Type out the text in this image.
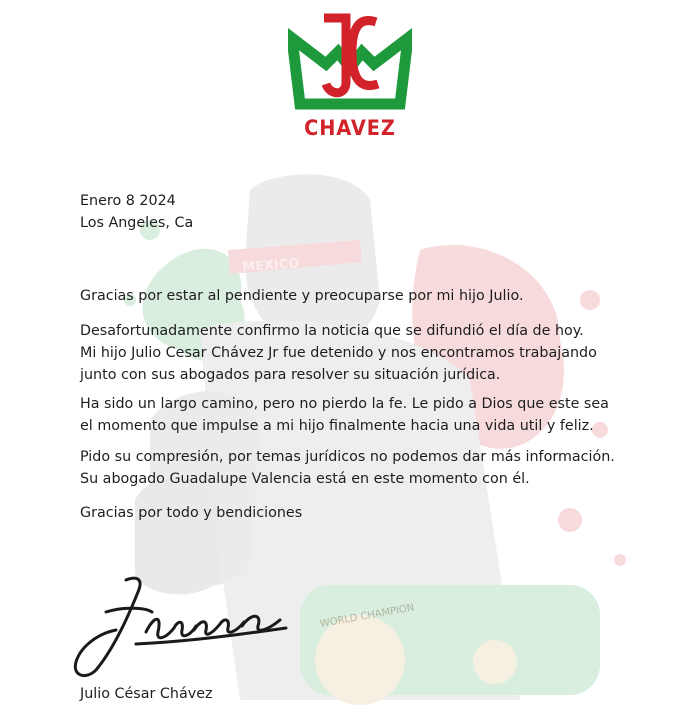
MEXICO
WORLD CHAMPION
CHAVEZ
Enero 8 2024
Los Angeles, Ca
Gracias por estar al pendiente y preocuparse por mi hijo Julio.
Desafortunadamente confirmo la noticia que se difundió el día de hoy.
Mi hijo Julio Cesar Chávez Jr fue detenido y nos encontramos trabajando
junto con sus abogados para resolver su situación jurídica.
Ha sido un largo camino, pero no pierdo la fe. Le pido a Dios que este sea
el momento que impulse a mi hijo finalmente hacia una vida util y feliz.
Pido su compresión, por temas jurídicos no podemos dar más información.
Su abogado Guadalupe Valencia está en este momento con él.
Gracias por todo y bendiciones
Julio César Chávez
